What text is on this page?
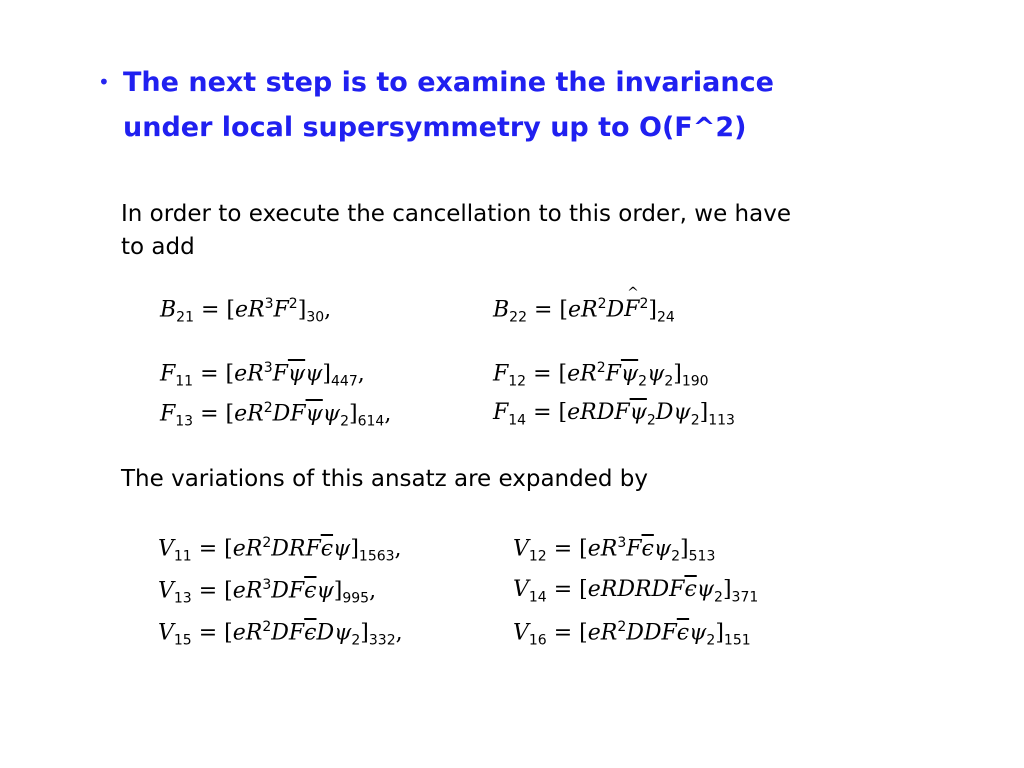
• The next step is to examine the invariance
under local supersymmetry up to O(F^2)
In order to execute the cancellation to this order, we have
to add
$B_{21} = [eR^3F^2]_{30}$,	$B_{22}$ = [$eR^2D\^{}$ $F^2]_{24}$
$F_{11} = [eR^3F\overline{\psi}\psi]_{447}$,	$F_{12} = [eR^2F\overline{\psi}_2\psi_2]_{190}$
$F_{13} = [eR^2DF\overline{\psi}\psi_2]_{614}$,	$F_{14}$ = $[eRDF\overline{\psi}_2D\psi_2]_{113}$
The variations of this ansatz are expanded by
$V_{11} = [eR^2DRF\overline{\epsilon}\psi]_{1563}$,	$V_{12} = [eR^3F\overline{\epsilon}\psi_2]_{513}$
$V_{13} = [eR^3DF\overline{\epsilon}\psi]_{995}$,	$V_{14}$ = $[eRDRDF\overline{\epsilon}\psi_2]_{371}$
$V_{15} = [eR^2DF\overline{\epsilon}D\psi_2]_{332}$,	$V_{16} = [eR^2DDF\overline{\epsilon}\psi_2]_{151}$
